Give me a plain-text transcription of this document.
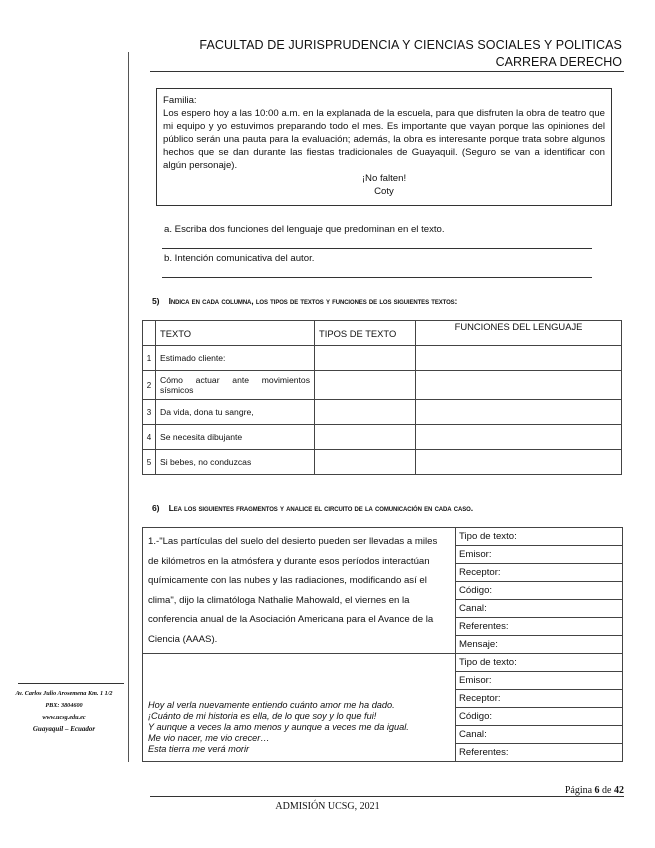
FACULTAD DE JURISPRUDENCIA Y CIENCIAS SOCIALES Y POLITICAS
CARRERA DERECHO

Familia:

Los espero hoy a las 10:00 a.m. en la explanada de la escuela, para que disfruten la obra de teatro que mi equipo y yo estuvimos preparando todo el mes. Es importante que vayan porque las opiniones del público serán una pauta para la evaluación; además, la obra es interesante porque trata sobre algunos hechos que se dan durante las fiestas tradicionales de Guayaquil. (Seguro se van a identificar con algún personaje).

¡No falten!

Coty

a. Escriba dos funciones del lenguaje que predominan en el texto.
b. Intención comunicativa del autor.
5) Indica en cada columna, los tipos de textos y funciones de los siguientes textos:
	TEXTO	TIPOS DE TEXTO	FUNCIONES DEL LENGUAJE
1	Estimado cliente:		
2	Cómo actuar ante movimientos sísmicos		
3	Da vida, dona tu sangre,		
4	Se necesita dibujante		
5	Si bebes, no conduzcas		
6) Lea los siguientes fragmentos y analice el circuito de la comunicación en cada caso.
1.-"Las partículas del suelo del desierto pueden ser llevadas a miles de kilómetros en la atmósfera y durante esos períodos interactúan químicamente con las nubes y las radiaciones, modificando así el clima", dijo la climatóloga Nathalie Mahowald, el viernes en la conferencia anual de la Asociación Americana para el Avance de la Ciencia (AAAS).	Tipo de texto:
	Emisor:
	Receptor:
	Código:
	Canal:
	Referentes:
	Mensaje:

Hoy al verla nuevamente entiendo cuánto amor me ha dado.
¡Cuánto de mi historia es ella, de lo que soy y lo que fui!
Y aunque a veces la amo menos y aunque a veces me da igual.
Me vio nacer, me vio crecer…
Esta tierra me verá morir	Tipo de texto:
	Emisor:
	Receptor:
	Código:
	Canal:
	Referentes:
Av. Carlos Julio Arosemena Km. 1 1/2
PBX: 3804600
www.ucsg.edu.ec
Guayaquil – Ecuador
Página 6 de 42
ADMISIÓN UCSG, 2021
